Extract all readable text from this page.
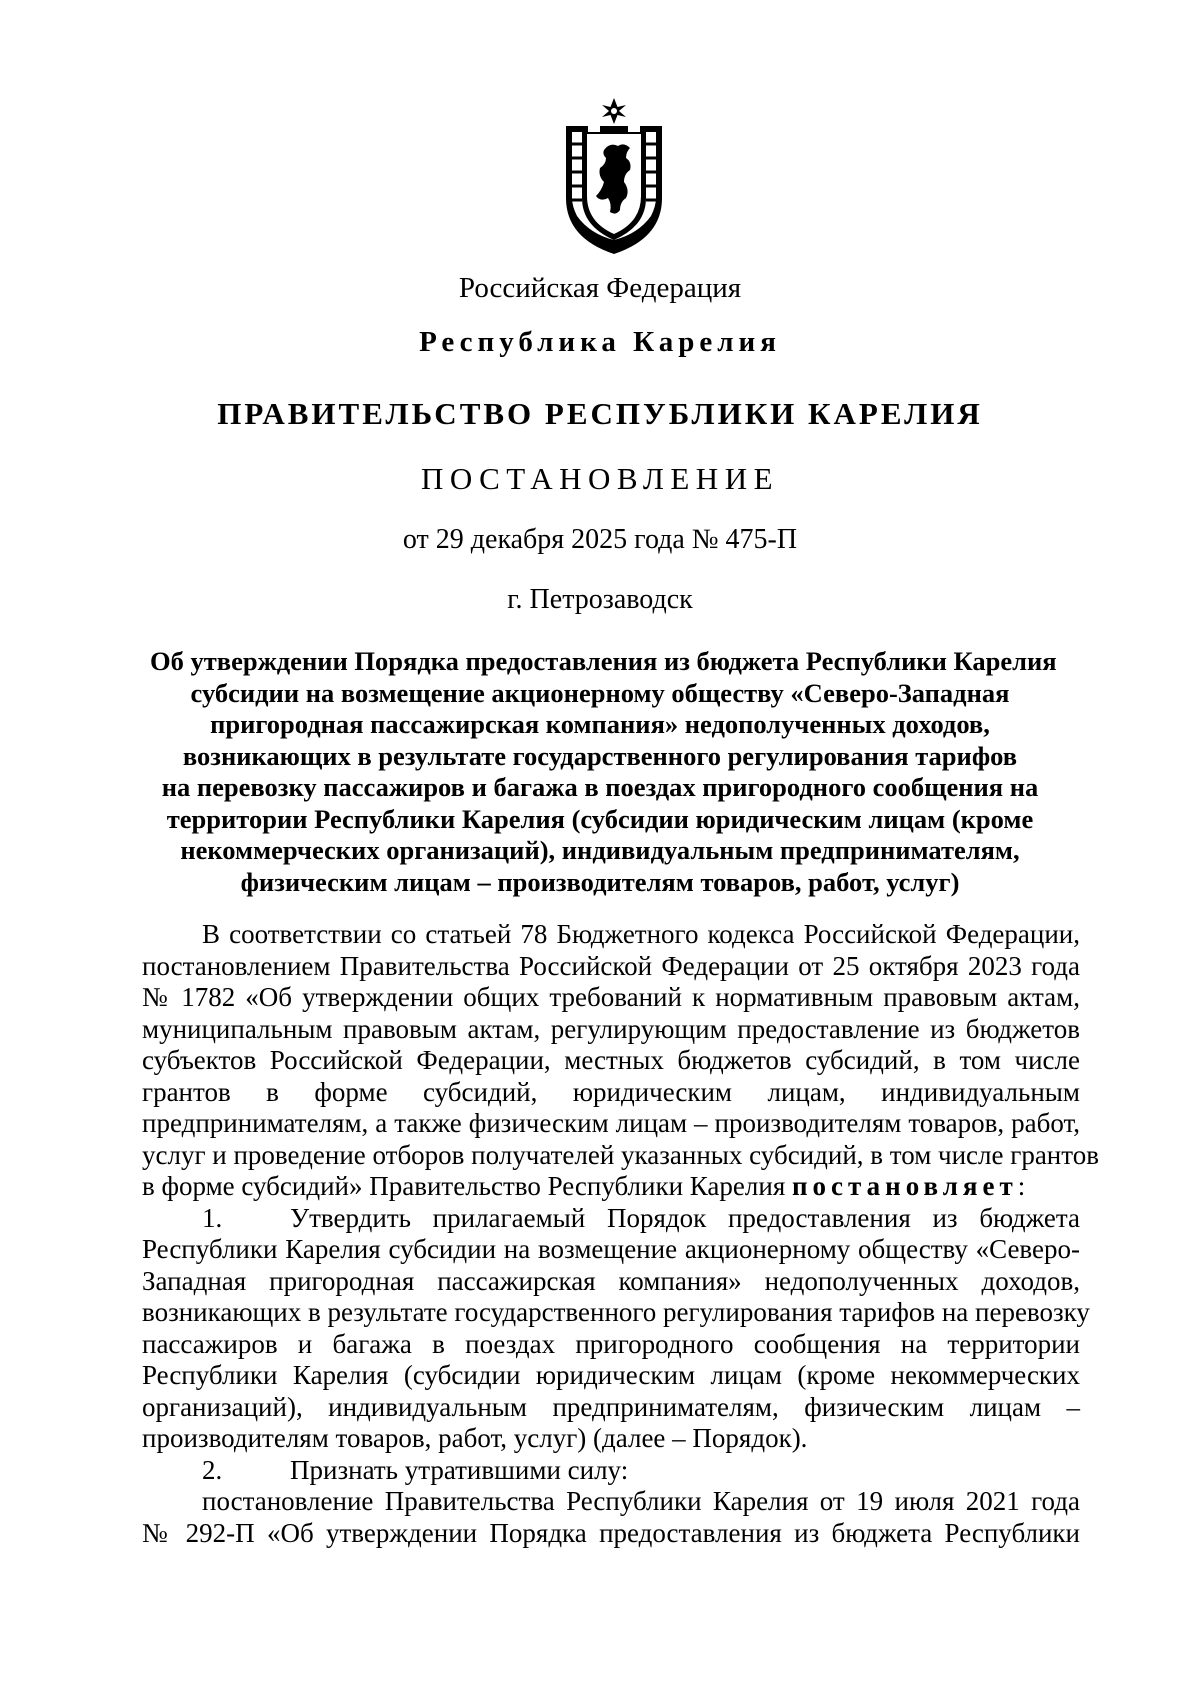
Российская Федерация
Республика Карелия
ПРАВИТЕЛЬСТВО РЕСПУБЛИКИ КАРЕЛИЯ
ПОСТАНОВЛЕНИЕ
от 29 декабря 2025 года № 475-П
г. Петрозаводск
Об утверждении Порядка предоставления из бюджета Республики Карелия
субсидии на возмещение акционерному обществу «Северо-Западная
пригородная пассажирская компания» недополученных доходов,
возникающих в результате государственного регулирования тарифов
на перевозку пассажиров и багажа в поездах пригородного сообщения на
территории Республики Карелия (субсидии юридическим лицам (кроме
некоммерческих организаций), индивидуальным предпринимателям,
физическим лицам – производителям товаров, работ, услуг)
В соответствии со статьей 78 Бюджетного кодекса Российской Федерации,
постановлением Правительства Российской Федерации от 25 октября 2023 года
№ 1782 «Об утверждении общих требований к нормативным правовым актам,
муниципальным правовым актам, регулирующим предоставление из бюджетов
субъектов Российской Федерации, местных бюджетов субсидий, в том числе
грантов в форме субсидий, юридическим лицам, индивидуальным
предпринимателям, а также физическим лицам – производителям товаров, работ,
услуг и проведение отборов получателей указанных субсидий, в том числе грантов
в форме субсидий» Правительство Республики Карелия постановляет:
1.	Утвердить прилагаемый Порядок предоставления из бюджета
Республики Карелия субсидии на возмещение акционерному обществу «Северо-
Западная пригородная пассажирская компания» недополученных доходов,
возникающих в результате государственного регулирования тарифов на перевозку
пассажиров и багажа в поездах пригородного сообщения на территории
Республики Карелия (субсидии юридическим лицам (кроме некоммерческих
организаций), индивидуальным предпринимателям, физическим лицам –
производителям товаров, работ, услуг) (далее – Порядок).
2.	Признать утратившими силу:
постановление Правительства Республики Карелия от 19 июля 2021 года
№ 292-П «Об утверждении Порядка предоставления из бюджета Республики
